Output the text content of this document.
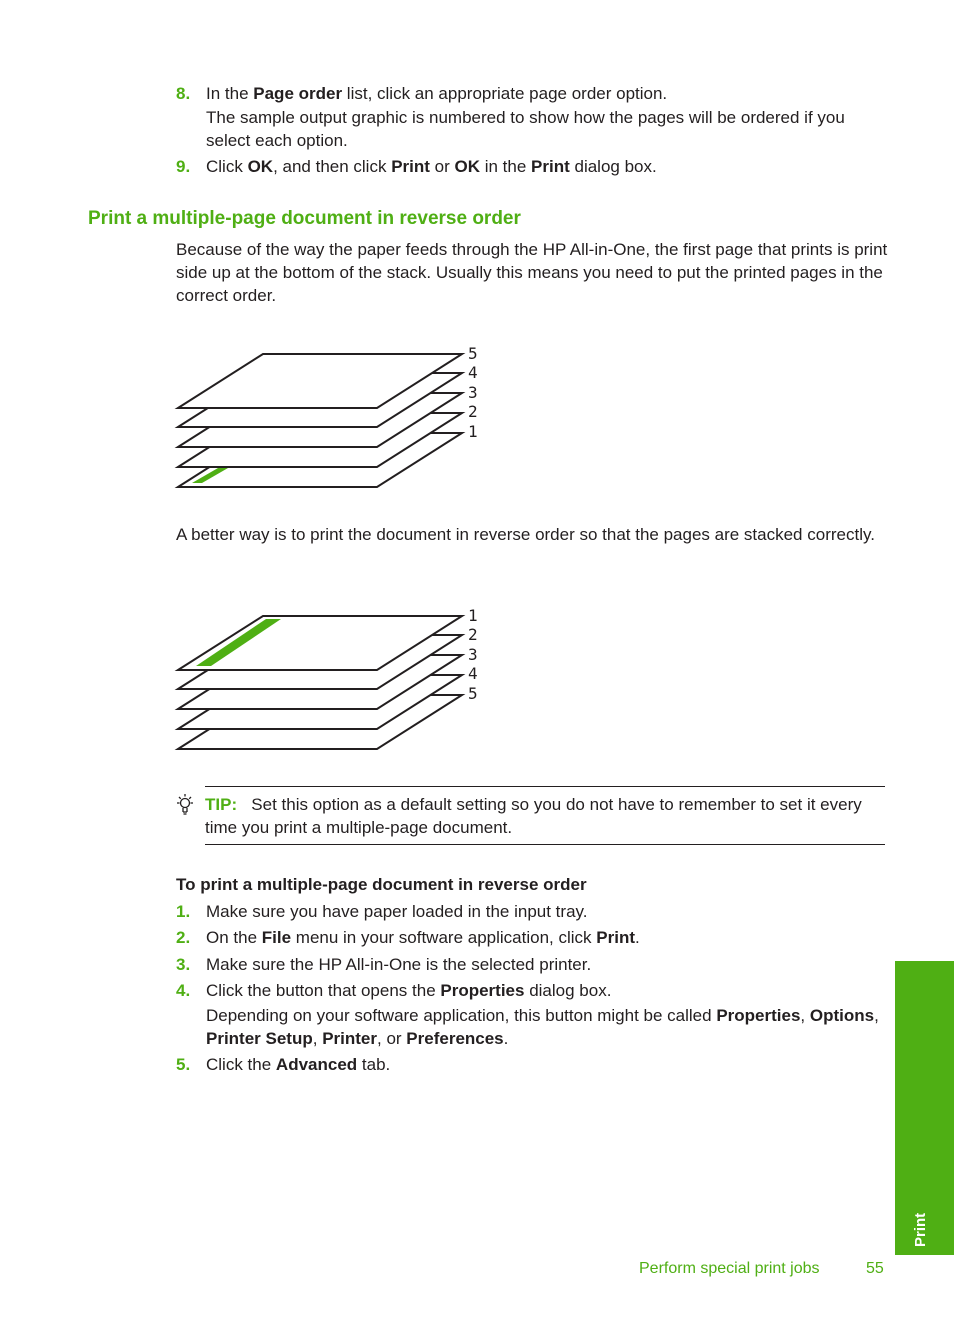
8. In the Page order list, click an appropriate page order option.
The sample output graphic is numbered to show how the pages will be ordered if you select each option.
9. Click OK, and then click Print or OK in the Print dialog box.
Print a multiple-page document in reverse order
Because of the way the paper feeds through the HP All-in-One, the first page that prints is print side up at the bottom of the stack. Usually this means you need to put the printed pages in the correct order.
5
4
3
2
1
A better way is to print the document in reverse order so that the pages are stacked correctly.
1
2
3
4
5
TIP: Set this option as a default setting so you do not have to remember to set it every time you print a multiple-page document.
To print a multiple-page document in reverse order
1. Make sure you have paper loaded in the input tray.
2. On the File menu in your software application, click Print.
3. Make sure the HP All-in-One is the selected printer.
4. Click the button that opens the Properties dialog box.
Depending on your software application, this button might be called Properties, Options, Printer Setup, Printer, or Preferences.
5. Click the Advanced tab.
Print
Perform special print jobs	55
